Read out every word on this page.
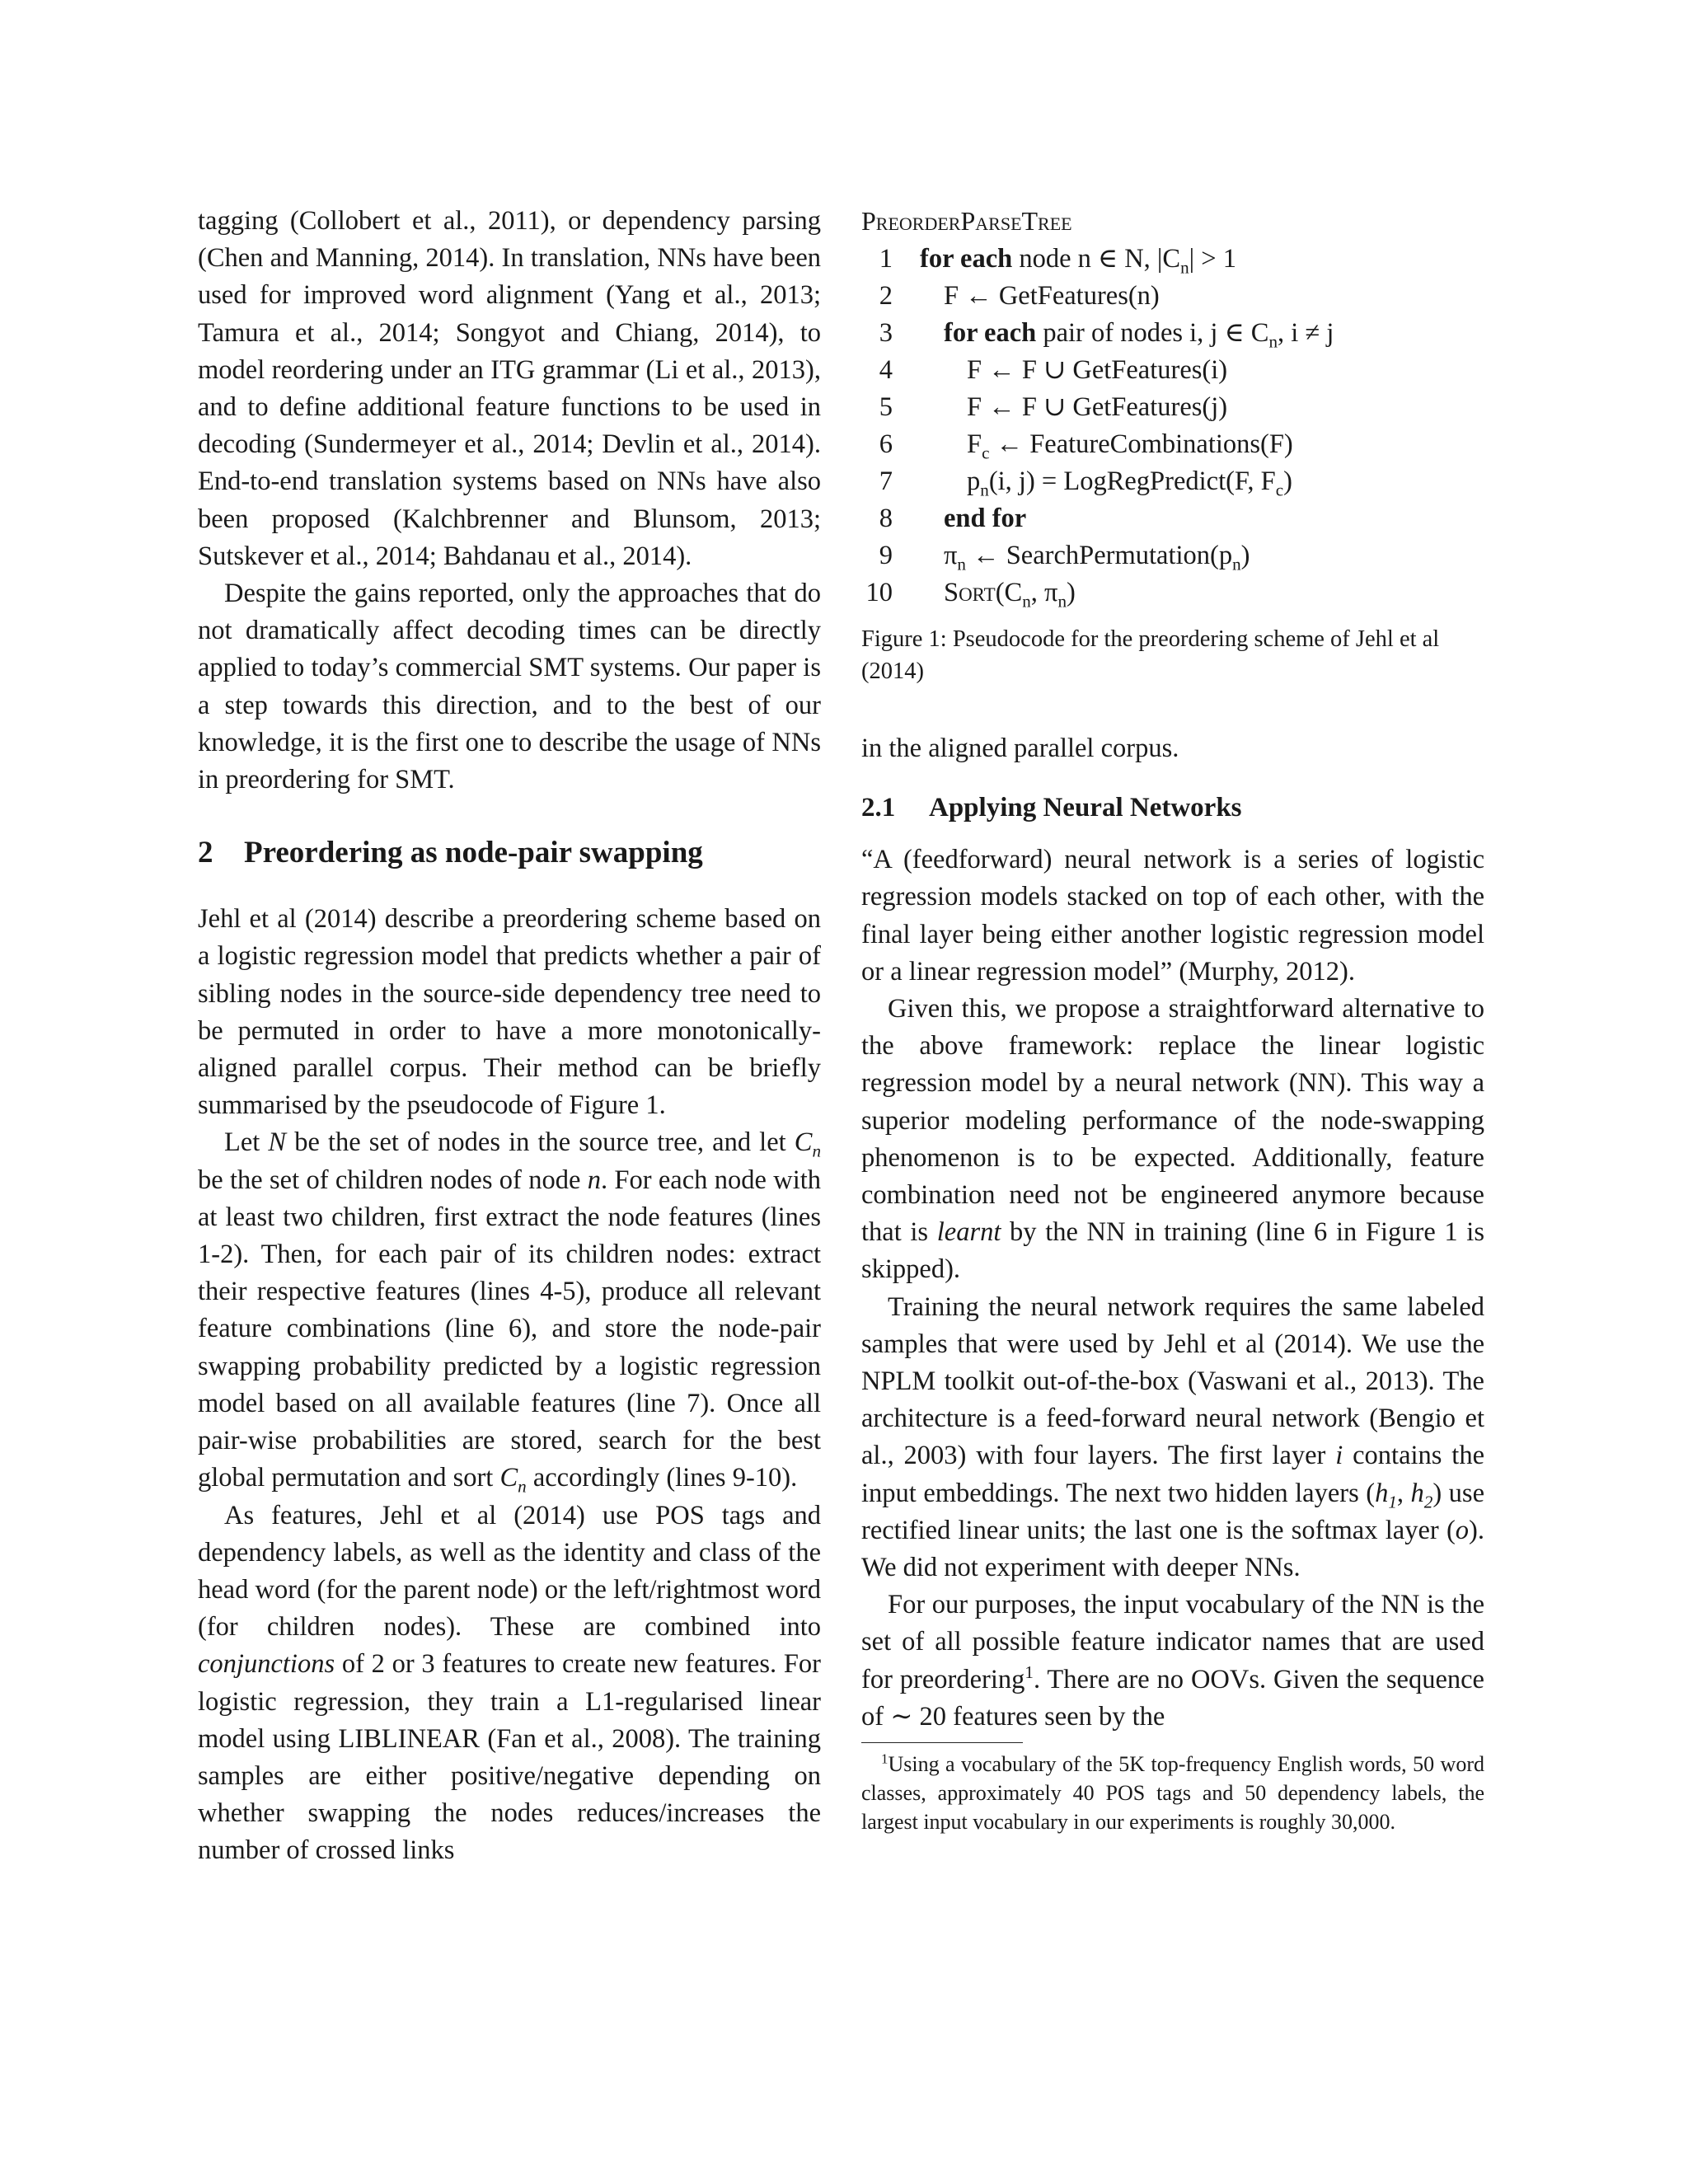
tagging (Collobert et al., 2011), or dependency parsing (Chen and Manning, 2014). In translation, NNs have been used for improved word alignment (Yang et al., 2013; Tamura et al., 2014; Songyot and Chiang, 2014), to model reordering under an ITG grammar (Li et al., 2013), and to define additional feature functions to be used in decoding (Sundermeyer et al., 2014; Devlin et al., 2014). End-to-end translation systems based on NNs have also been proposed (Kalchbrenner and Blunsom, 2013; Sutskever et al., 2014; Bahdanau et al., 2014).

Despite the gains reported, only the approaches that do not dramatically affect decoding times can be directly applied to today’s commercial SMT systems. Our paper is a step towards this direction, and to the best of our knowledge, it is the first one to describe the usage of NNs in preordering for SMT.

2 Preordering as node-pair swapping

Jehl et al (2014) describe a preordering scheme based on a logistic regression model that predicts whether a pair of sibling nodes in the source-side dependency tree need to be permuted in order to have a more monotonically-aligned parallel corpus. Their method can be briefly summarised by the pseudocode of Figure 1.

Let N be the set of nodes in the source tree, and let $C_n$ be the set of children nodes of node n. For each node with at least two children, first extract the node features (lines 1-2). Then, for each pair of its children nodes: extract their respective features (lines 4-5), produce all relevant feature combinations (line 6), and store the node-pair swapping probability predicted by a logistic regression model based on all available features (line 7). Once all pair-wise probabilities are stored, search for the best global permutation and sort $C_n$ accordingly (lines 9-10).

As features, Jehl et al (2014) use POS tags and dependency labels, as well as the identity and class of the head word (for the parent node) or the left/rightmost word (for children nodes). These are combined into conjunctions of 2 or 3 features to create new features. For logistic regression, they train a L1-regularised linear model using LIBLINEAR (Fan et al., 2008). The training samples are either positive/negative depending on whether swapping the nodes reduces/increases the number of crossed links

PreorderParseTree
1 for each node n ∈ N, $|C_n| > 1$
2 F ← GetFeatures(n)
3 for each pair of nodes i, j ∈ $C_n$, i ≠ j
4	F ← F ∪ GetFeatures(i)
5	F ← F ∪ GetFeatures(j)
6	$F_c$ ← FeatureCombinations(F)
7	$p_n(i$, j) = LogRegPredict(F, $F_c$)
8 end for
9 $\pi_n$ ← $SearchPermutation(p_n)$
10 $Sort(C_n$, $\pi_n$)
Figure 1: Pseudocode for the preordering scheme of Jehl et al (2014)

in the aligned parallel corpus.

2.1 Applying Neural Networks

“A (feedforward) neural network is a series of logistic regression models stacked on top of each other, with the final layer being either another logistic regression model or a linear regression model” (Murphy, 2012).

Given this, we propose a straightforward alternative to the above framework: replace the linear logistic regression model by a neural network (NN). This way a superior modeling performance of the node-swapping phenomenon is to be expected. Additionally, feature combination need not be engineered anymore because that is learnt by the NN in training (line 6 in Figure 1 is skipped).

Training the neural network requires the same labeled samples that were used by Jehl et al (2014). We use the NPLM toolkit out-of-the-box (Vaswani et al., 2013). The architecture is a feed-forward neural network (Bengio et al., 2003) with four layers. The first layer i contains the input embeddings. The next two hidden layers ($h_1$, $h_2$) use rectified linear units; the last one is the softmax layer (o). We did not experiment with deeper NNs.

For our purposes, the input vocabulary of the NN is the set of all possible feature indicator names that are used for preordering$^1$. There are no OOVs. Given the sequence of ∼ 20 features seen by the

$^1$Using a vocabulary of the 5K top-frequency English words, 50 word classes, approximately 40 POS tags and 50 dependency labels, the largest input vocabulary in our experiments is roughly 30,000.
